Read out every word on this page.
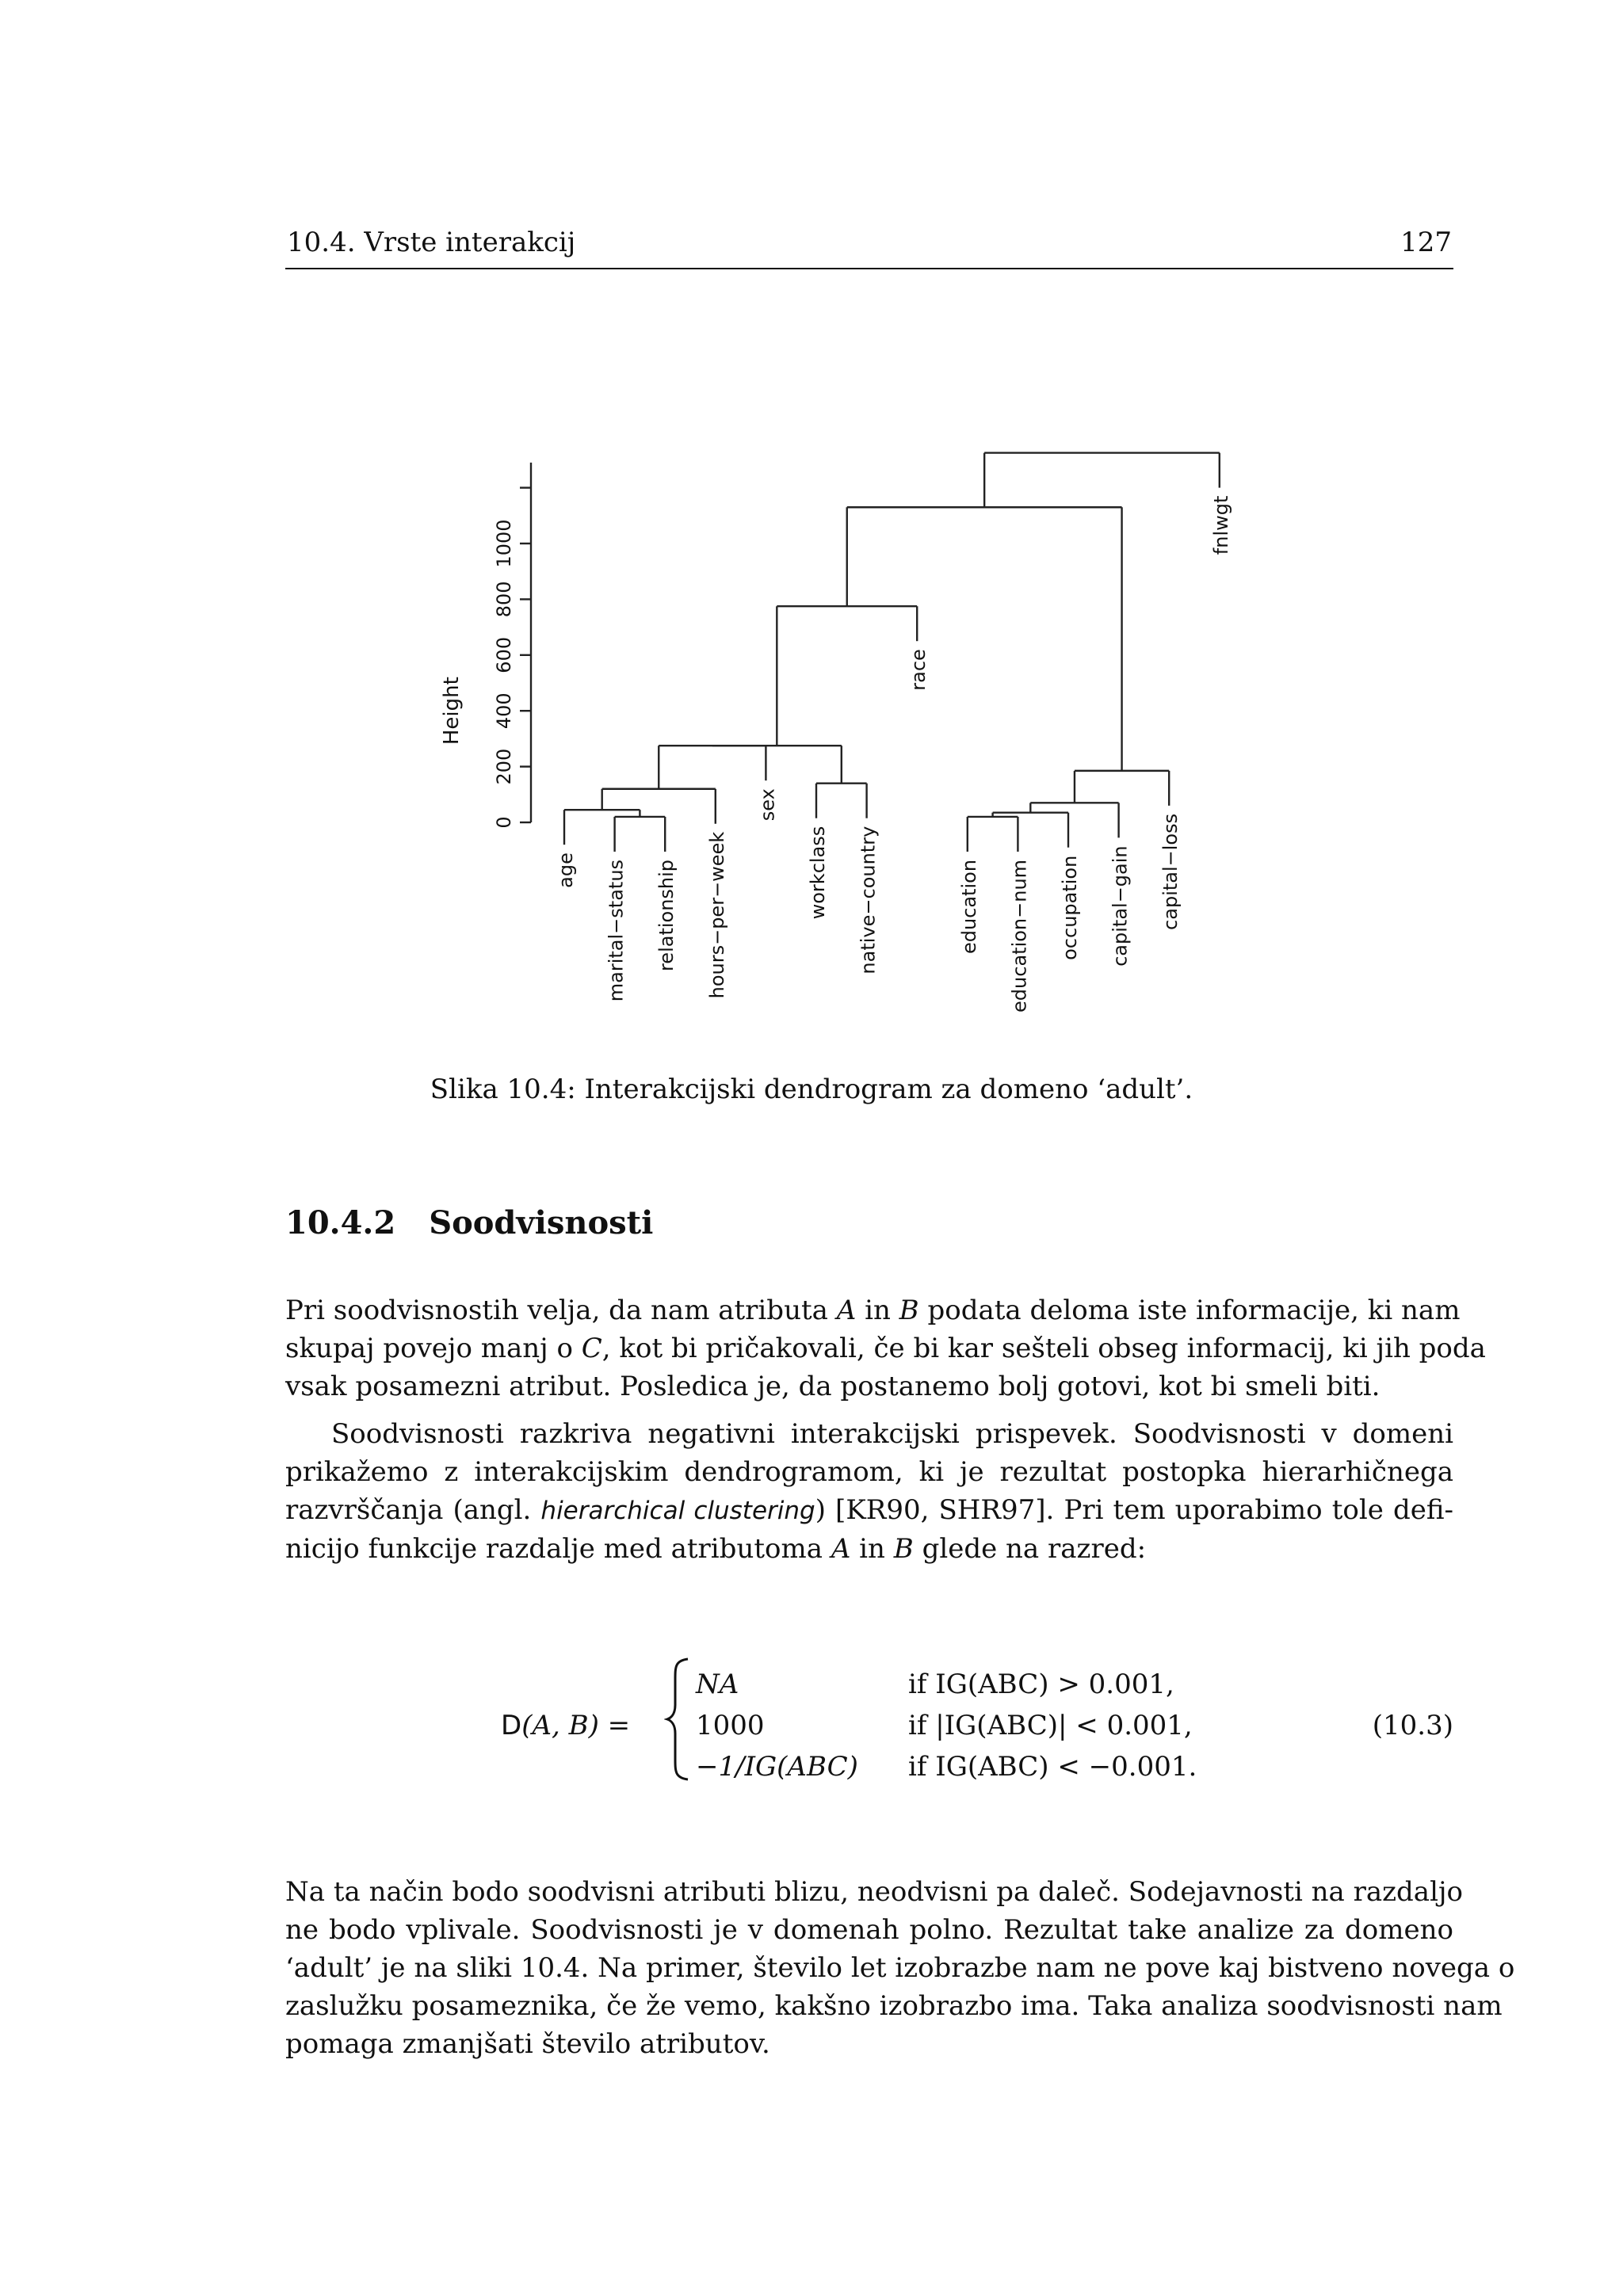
10.4. Vrste interakcij	127
age marital−status relationship hours−per−week
sex
workclass native−country
race
education education−num occupation capital−gain capital−loss
fnlwgt
0
200
400
600
800
1000
Height
Slika 10.4: Interakcijski dendrogram za domeno ‘adult’.
10.4.2 Soodvisnosti
Pri soodvisnostih velja, da nam atributa A in B podata deloma iste informacije, ki nam
skupaj povejo manj o C, kot bi pričakovali, če bi kar sešteli obseg informacij, ki jih poda
vsak posamezni atribut. Posledica je, da postanemo bolj gotovi, kot bi smeli biti.
Soodvisnosti razkriva negativni interakcijski prispevek. Soodvisnosti v domeni
prikažemo z interakcijskim dendrogramom, ki je rezultat postopka hierarhičnega
razvrščanja (angl. hierarchical clustering) [KR90, SHR97]. Pri tem uporabimo tole defi-
nicijo funkcije razdalje med atributoma A in B glede na razred:
D(A, B) =
NA
1000
−1/IG(ABC)
if IG(ABC) > 0.001,
if |IG(ABC)| < 0.001,
if IG(ABC) < −0.001.
(10.3)
Na ta način bodo soodvisni atributi blizu, neodvisni pa daleč. Sodejavnosti na razdaljo
ne bodo vplivale. Soodvisnosti je v domenah polno. Rezultat take analize za domeno
‘adult’ je na sliki 10.4. Na primer, število let izobrazbe nam ne pove kaj bistveno novega o
zaslužku posameznika, če že vemo, kakšno izobrazbo ima. Taka analiza soodvisnosti nam
pomaga zmanjšati število atributov.
